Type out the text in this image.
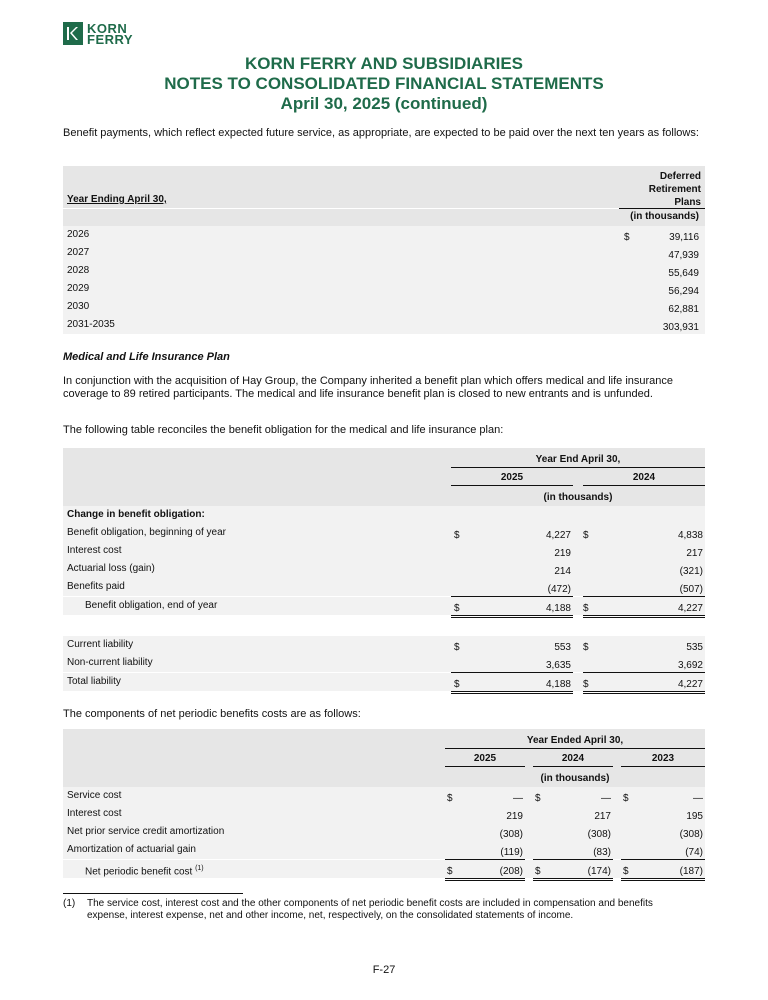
KORN
FERRY
KORN FERRY AND SUBSIDIARIES
NOTES TO CONSOLIDATED FINANCIAL STATEMENTS
April 30, 2025 (continued)
Benefit payments, which reflect expected future service, as appropriate, are expected to be paid over the next ten years as follows:
Year Ending April 30,
Deferred Retirement Plans
(in thousands)
2026	$	39,116
2027	47,939
2028	55,649
2029	56,294
2030	62,881
2031-2035	303,931
Medical and Life Insurance Plan
In conjunction with the acquisition of Hay Group, the Company inherited a benefit plan which offers medical and life insurance coverage to 89 retired participants. The medical and life insurance benefit plan is closed to new entrants and is unfunded.
The following table reconciles the benefit obligation for the medical and life insurance plan:
Year End April 30,
2025	2024
(in thousands)
Change in benefit obligation:
Benefit obligation, beginning of year	$	4,227 $	4,838
Interest cost	219	217
Actuarial loss (gain)	214	(321)
Benefits paid	(472)	(507)
Benefit obligation, end of year	$	4,188 $	4,227
Current liability	$	553 $	535
Non-current liability	3,635	3,692
Total liability	$	4,188 $	4,227
The components of net periodic benefits costs are as follows:
Year Ended April 30,
2025	2024	2023
(in thousands)
Service cost	$	— $	— $	—
Interest cost	219	217	195
Net prior service credit amortization	(308)	(308)	(308)
Amortization of actuarial gain	(119)	(83)	(74)
Net periodic benefit cost $^{(1)}$	$	(208) $	(174) $	(187)
(1) The service cost, interest cost and the other components of net periodic benefit costs are included in compensation and benefits expense, interest expense, net and other income, net, respectively, on the consolidated statements of income.
F-27
